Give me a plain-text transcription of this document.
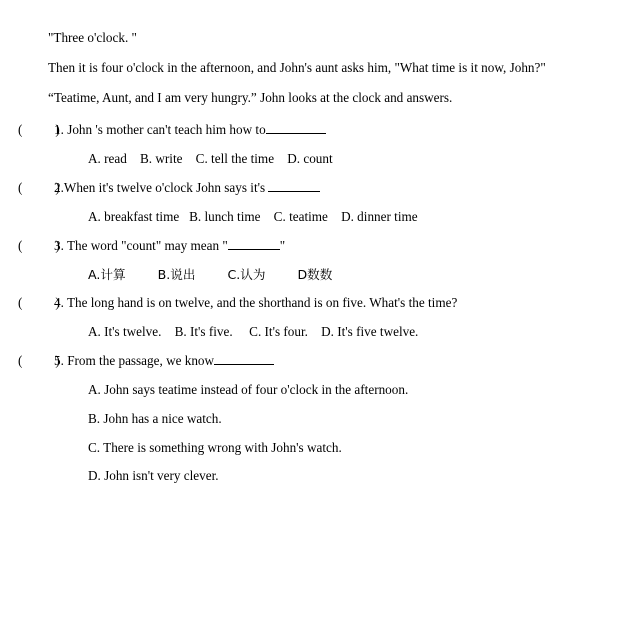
"Three o'clock. "

Then it is four o'clock in the afternoon, and John's aunt asks him, "What time is it now, John?"

“Teatime, Aunt, and I am very hungry.” John looks at the clock and answers.

(          )
1. John 's mother can't teach him how to
A. read    B. write    C. tell the time    D. count
(          )
2.When it's twelve o'clock John says it's
A. breakfast time   B. lunch time    C. teatime    D. dinner time
(          )
3. The word "count" may mean "	"
A.计算        B.说出        C.认为        D数数
(          )
4. The long hand is on twelve, and the shorthand is on five. What's the time?
A. It's twelve.    B. It's five.     C. It's four.    D. It's five twelve.
(          )
5. From the passage, we know
A. John says teatime instead of four o'clock in the afternoon.
B. John has a nice watch.
C. There is something wrong with John's watch.
D. John isn't very clever.
